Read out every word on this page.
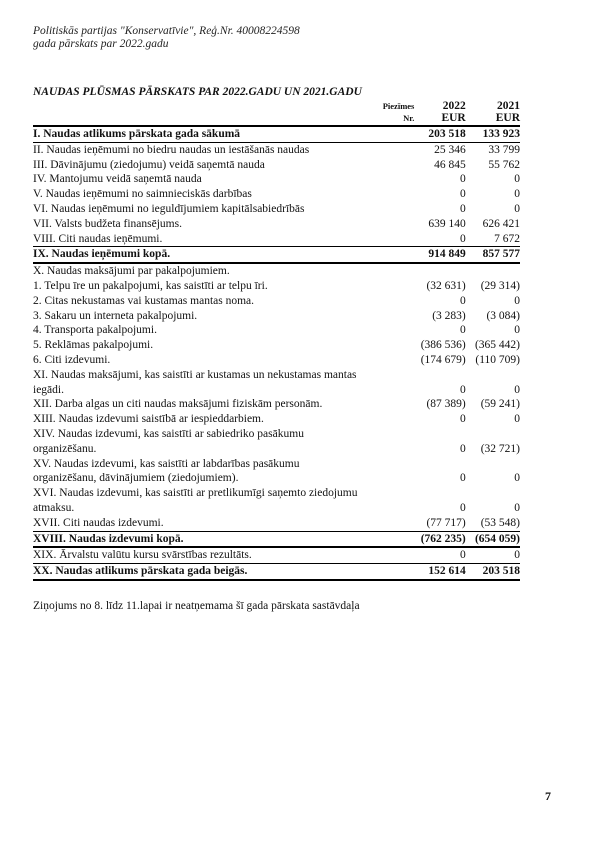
Politiskās partijas "Konservatīvie", Reģ.Nr. 40008224598
gada pārskats par 2022.gadu
NAUDAS PLŪSMAS PĀRSKATS PAR 2022.GADU UN 2021.GADU
	Piezīmes	2022	2021
	Nr.	EUR	EUR
I. Naudas atlikums pārskata gada sākumā		203 518	133 923
II. Naudas ieņēmumi no biedru naudas un iestāšanās naudas		25 346	33 799
III. Dāvinājumu (ziedojumu) veidā saņemtā nauda		46 845	55 762
IV. Mantojumu veidā saņemtā nauda		0	0
V. Naudas ieņēmumi no saimnieciskās darbības		0	0
VI. Naudas ieņēmumi no ieguldījumiem kapitālsabiedrībās		0	0
VII. Valsts budžeta finansējums.		639 140	626 421
VIII. Citi naudas ieņēmumi.		0	7 672
IX. Naudas ieņēmumi kopā.		914 849	857 577
X. Naudas maksājumi par pakalpojumiem.			
1. Telpu īre un pakalpojumi, kas saistīti ar telpu īri.		(32 631)	(29 314)
2. Citas nekustamas vai kustamas mantas noma.		0	0
3. Sakaru un interneta pakalpojumi.		(3 283)	(3 084)
4. Transporta pakalpojumi.		0	0
5. Reklāmas pakalpojumi.		(386 536)	(365 442)
6. Citi izdevumi.		(174 679)	(110 709)
XI. Naudas maksājumi, kas saistīti ar kustamas un nekustamas mantas			
iegādi.		0	0
XII. Darba algas un citi naudas maksājumi fiziskām personām.		(87 389)	(59 241)
XIII. Naudas izdevumi saistībā ar iespieddarbiem.		0	0
XIV. Naudas izdevumi, kas saistīti ar sabiedriko pasākumu			
organizēšanu.		0	(32 721)
XV. Naudas izdevumi, kas saistīti ar labdarības pasākumu			
organizēšanu, dāvinājumiem (ziedojumiem).		0	0
XVI. Naudas izdevumi, kas saistīti ar pretlikumīgi saņemto ziedojumu			
atmaksu.		0	0
XVII. Citi naudas izdevumi.		(77 717)	(53 548)
XVIII. Naudas izdevumi kopā.		(762 235)	(654 059)
XIX. Ārvalstu valūtu kursu svārstības rezultāts.		0	0
XX. Naudas atlikums pārskata gada beigās.		152 614	203 518
Ziņojums no 8. līdz 11.lapai ir neatņemama šī gada pārskata sastāvdaļa
7
